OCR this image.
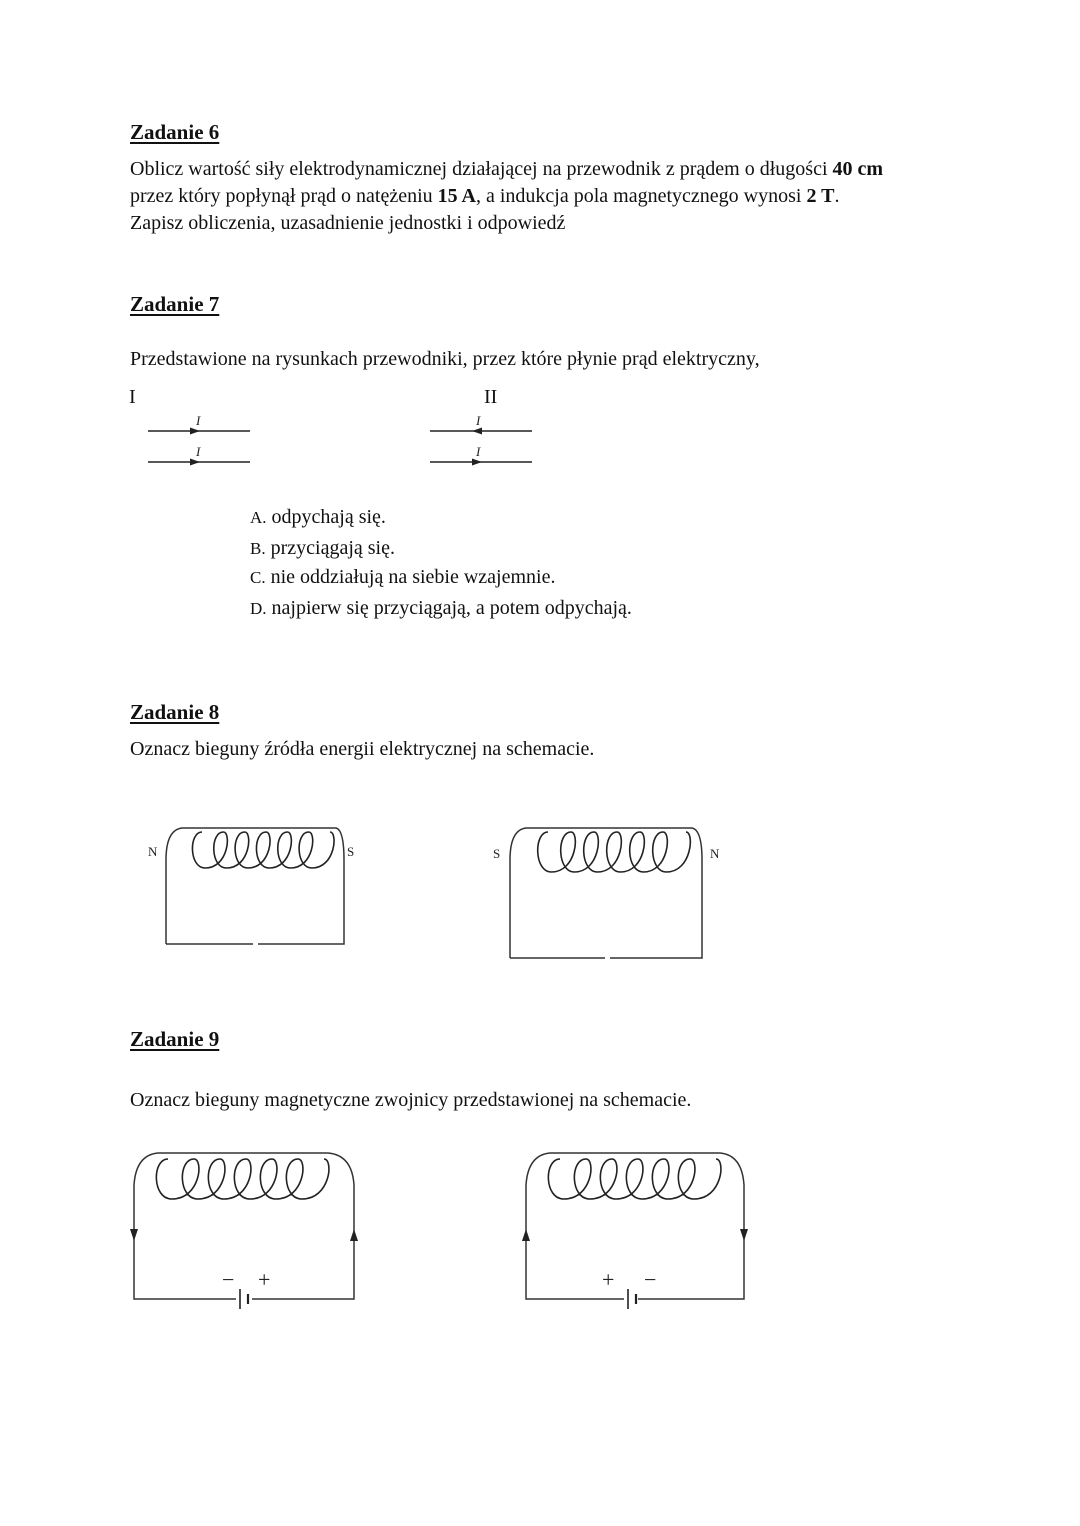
Zadanie 6
Oblicz wartość siły elektrodynamicznej działającej na przewodnik z prądem o długości 40 cm
przez który popłynął prąd o natężeniu 15 A, a indukcja pola magnetycznego wynosi 2 T.
Zapisz obliczenia, uzasadnienie jednostki i odpowiedź
Zadanie 7
Przedstawione na rysunkach przewodniki, przez które płynie prąd elektryczny,
I	II
I
I
I
I
A. odpychają się.
B. przyciągają się.
C. nie oddziałują na siebie wzajemnie.
D. najpierw się przyciągają, a potem odpychają.
Zadanie 8
Oznacz bieguny źródła energii elektrycznej na schemacie.
N	S	S	N
Zadanie 9
Oznacz bieguny magnetyczne zwojnicy przedstawionej na schemacie.
− +	+ −
